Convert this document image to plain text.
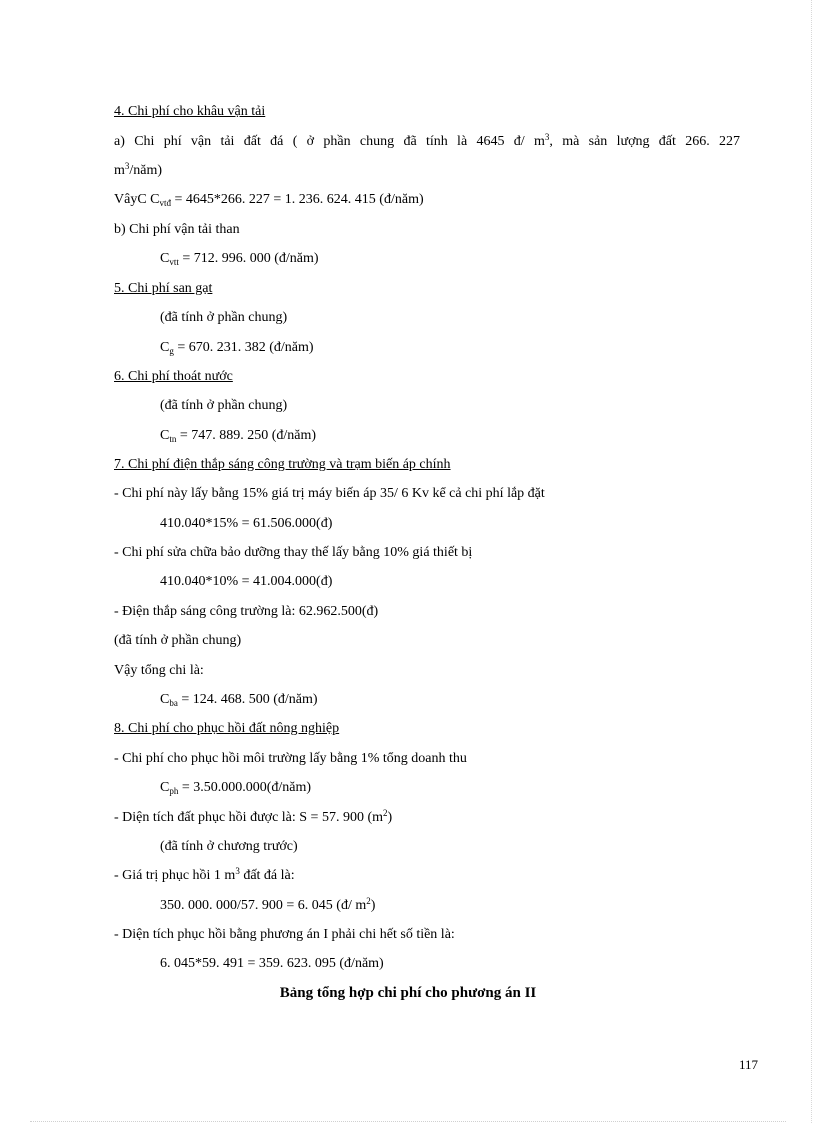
4. Chi phí cho khâu vận tải
a) Chi phí vận tải đất đá ( ở phần chung đã tính là 4645 đ/ $m^3$, mà sản lượng đất 266. 227
$m^3/năm$)
VâyC $C_{vtđ} = 4645*266$. 227 = 1. 236. 624. 415 (đ/năm)
b) Chi phí vận tải than
$C_{vtt} = 712$. 996. 000 (đ/năm)
5. Chi phí san gạt
(đã tính ở phần chung)
$C_g = 670$. 231. 382 (đ/năm)
6. Chi phí thoát nước
(đã tính ở phần chung)
$C_{tn} = 747$. 889. 250 (đ/năm)
7. Chi phí điện thắp sáng công trường và trạm biến áp chính
- Chi phí này lấy bằng 15% giá trị máy biến áp 35/ 6 Kv kể cả chi phí lắp đặt
410.040*15% = 61.506.000(đ)
- Chi phí sửa chữa bảo dưỡng thay thế lấy bằng 10% giá thiết bị
410.040*10% = 41.004.000(đ)
- Điện thắp sáng công trường là: 62.962.500(đ)
(đã tính ở phần chung)
Vậy tổng chi là:
$C_{ba} = 124$. 468. 500 (đ/năm)
8. Chi phí cho phục hồi đất nông nghiệp
- Chi phí cho phục hồi môi trường lấy bằng 1% tổng doanh thu
$C_{ph}$ = 3.50.000.000(đ/năm)
- Diện tích đất phục hồi được là: S = 57. 900 $(m^2)$
(đã tính ở chương trước)
- Giá trị phục hồi 1 $m^3$ đất đá là:
350. 000. 000/57. 900 = 6. 045 (đ/ $m^2$)
- Diện tích phục hồi bằng phương án I phải chi hết số tiền là:
6. 045*59. 491 = 359. 623. 095 (đ/năm)
Bảng tổng hợp chi phí cho phương án II
117
